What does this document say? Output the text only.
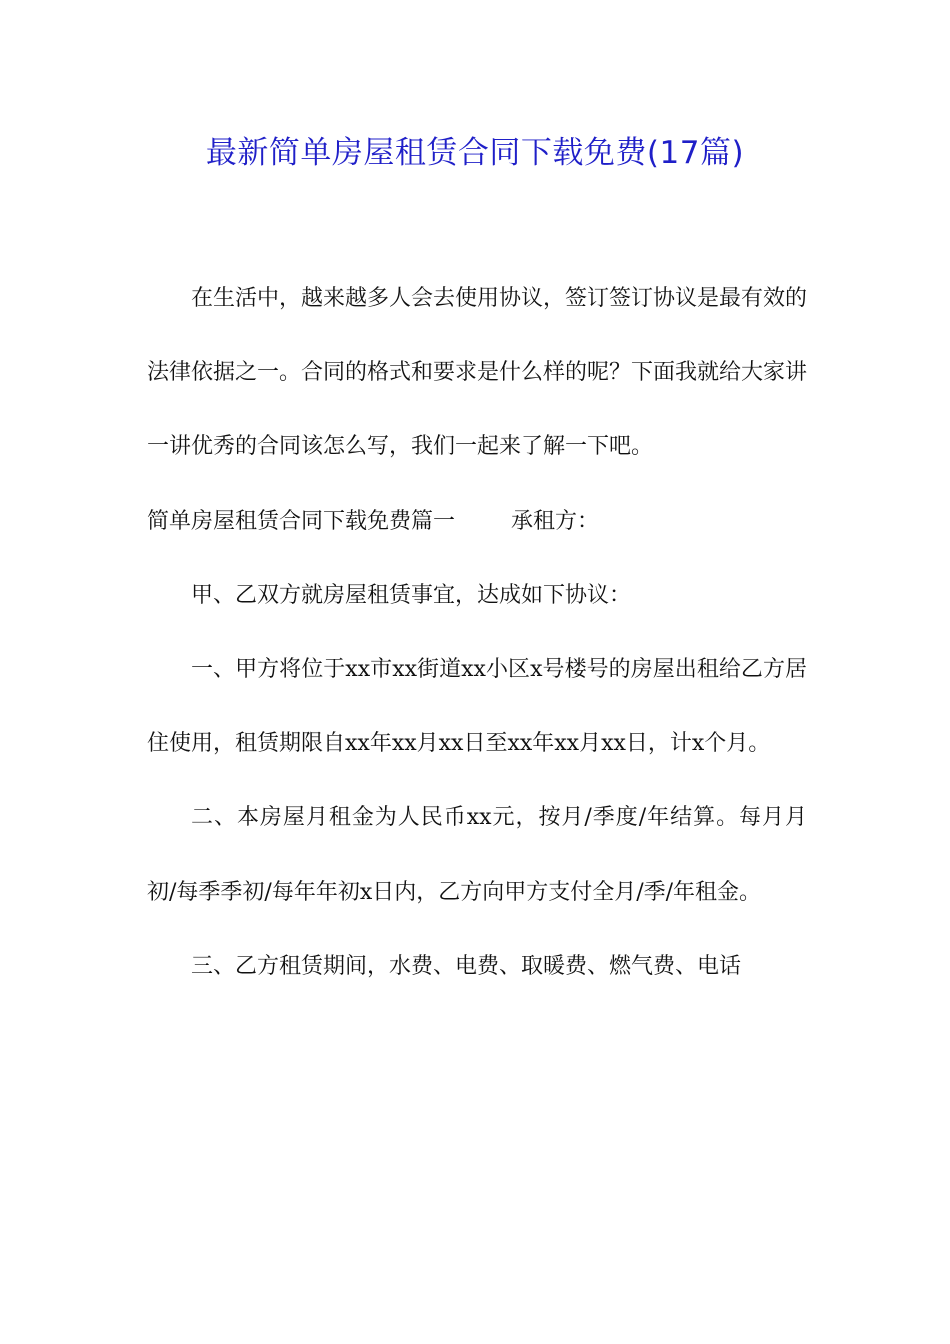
最新简单房屋租赁合同下载免费(17篇)

在生活中，越来越多人会去使用协议，签订签订协议是最有效的法律依据之一。合同的格式和要求是什么样的呢？下面我就给大家讲一讲优秀的合同该怎么写，我们一起来了解一下吧。

简单房屋租赁合同下载免费篇一	承租方：

甲、乙双方就房屋租赁事宜，达成如下协议：

一、甲方将位于xx市xx街道xx小区x号楼号的房屋出租给乙方居住使用，租赁期限自xx年xx月xx日至xx年xx月xx日，计x个月。

二、本房屋月租金为人民币xx元，按月/季度/年结算。每月月初/每季季初/每年年初x日内，乙方向甲方支付全月/季/年租金。

三、乙方租赁期间，水费、电费、取暖费、燃气费、电话
